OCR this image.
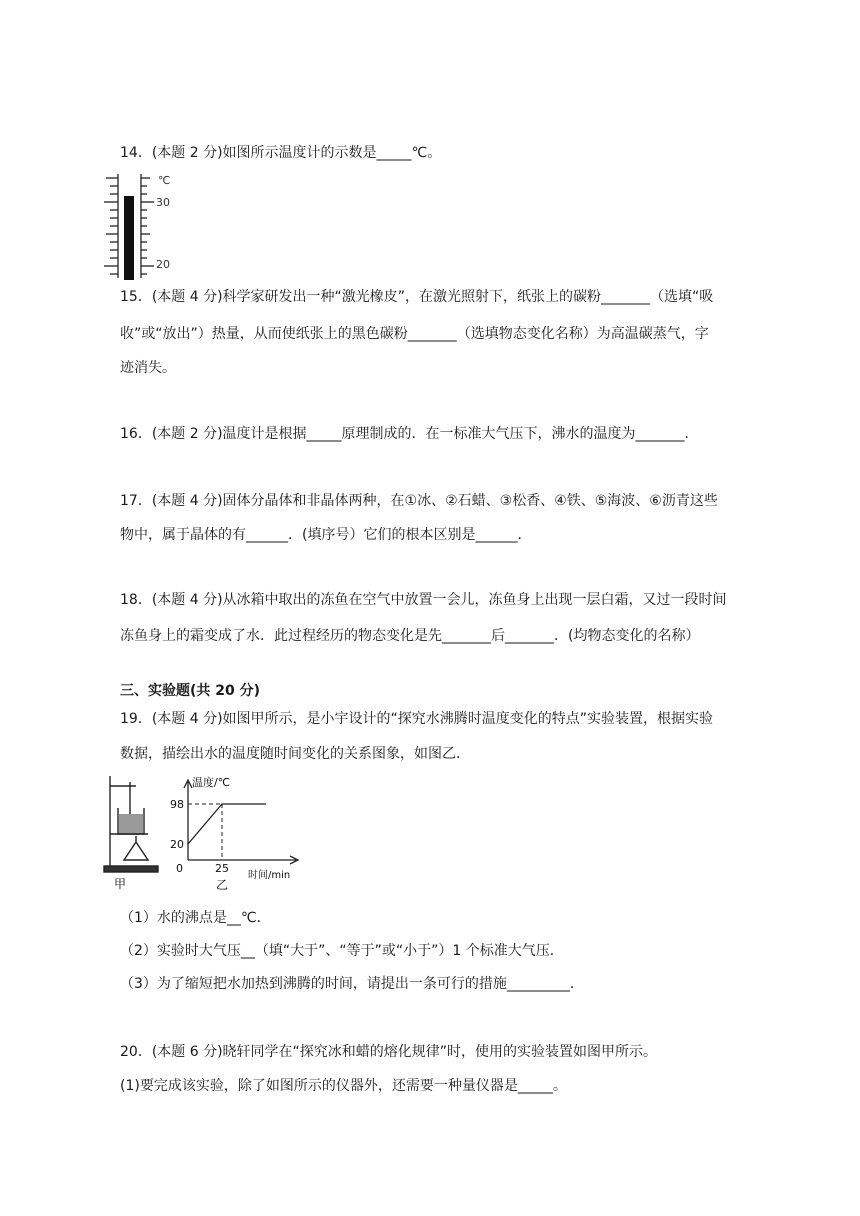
14．(本题 2 分)如图所示温度计的示数是_____℃。
℃
30
20
15．(本题 4 分)科学家研发出一种“激光橡皮”，在激光照射下，纸张上的碳粉_______（选填“吸
收”或“放出”）热量，从而使纸张上的黑色碳粉_______（选填物态变化名称）为高温碳蒸气，字
迹消失。
16．(本题 2 分)温度计是根据_____原理制成的．在一标准大气压下，沸水的温度为_______．
17．(本题 4 分)固体分晶体和非晶体两种，在①冰、②石蜡、③松香、④铁、⑤海波、⑥沥青这些
物中，属于晶体的有______．(填序号）它们的根本区别是______．
18．(本题 4 分)从冰箱中取出的冻鱼在空气中放置一会儿，冻鱼身上出现一层白霜，又过一段时间
冻鱼身上的霜变成了水．此过程经历的物态变化是先_______后_______．(均物态变化的名称）
三、实验题(共 20 分)
19．(本题 4 分)如图甲所示，是小宇设计的“探究水沸腾时温度变化的特点”实验装置，根据实验
数据，描绘出水的温度随时间变化的关系图象，如图乙．
甲
温度/℃
98
20
0	25
时间/min
乙
（1）水的沸点是__℃．
（2）实验时大气压__（填“大于”、“等于”或“小于”）1 个标准大气压．
（3）为了缩短把水加热到沸腾的时间，请提出一条可行的措施_________．
20．(本题 6 分)晓轩同学在“探究冰和蜡的熔化规律”时，使用的实验装置如图甲所示。
(1)要完成该实验，除了如图所示的仪器外，还需要一种量仪器是_____。
